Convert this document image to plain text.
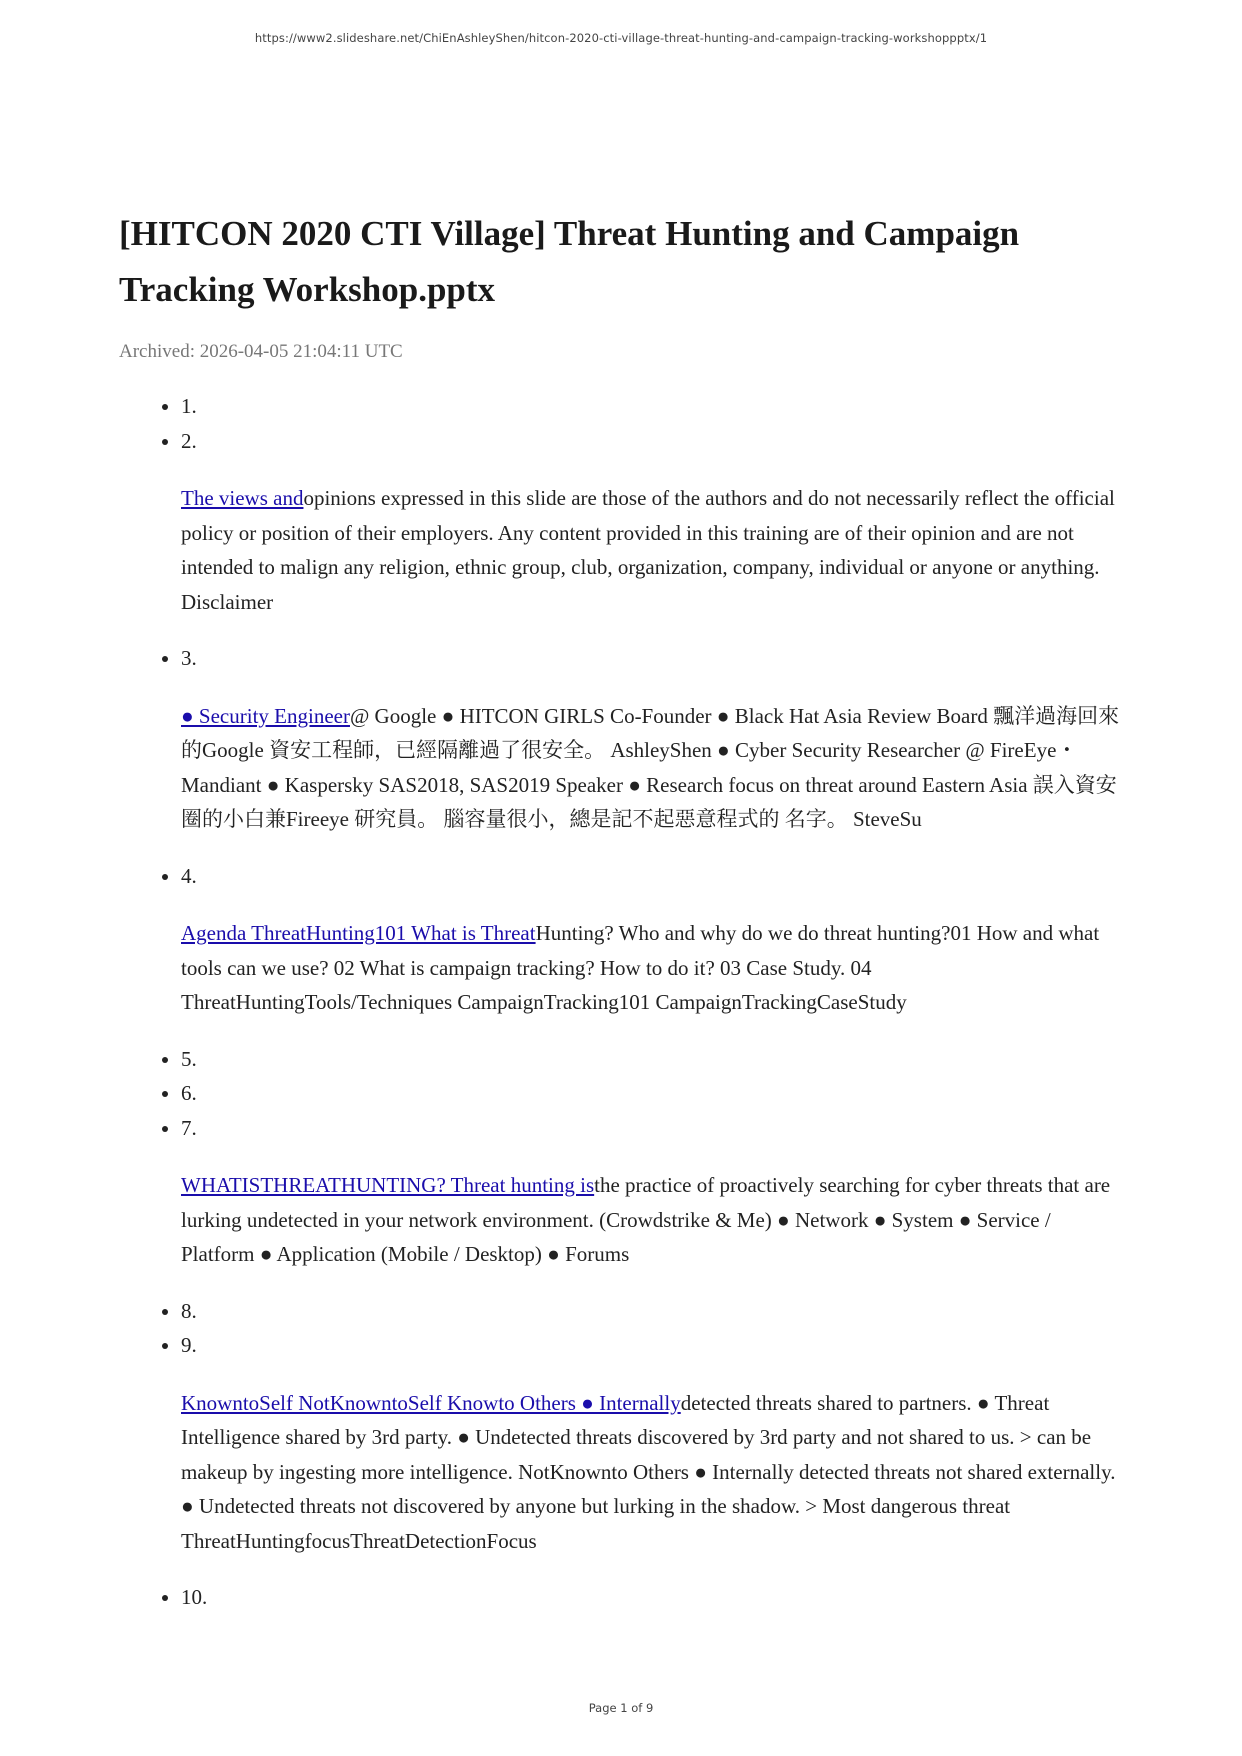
https://www2.slideshare.net/ChiEnAshleyShen/hitcon-2020-cti-village-threat-hunting-and-campaign-tracking-workshoppptx/1
[HITCON 2020 CTI Village] Threat Hunting and Campaign Tracking Workshop.pptx
Archived: 2026-04-05 21:04:11 UTC
• 1.
• 2.

The views andopinions expressed in this slide are those of the authors and do not necessarily reflect the official policy or position of their employers. Any content provided in this training are of their opinion and are not intended to malign any religion, ethnic group, club, organization, company, individual or anyone or anything. Disclaimer

• 3.

● Security Engineer@ Google ● HITCON GIRLS Co-Founder ● Black Hat Asia Review Board 飄洋過海回來的Google 資安工程師，已經隔離過了很安全。 AshleyShen ● Cyber Security Researcher @ FireEye・Mandiant ● Kaspersky SAS2018, SAS2019 Speaker ● Research focus on threat around Eastern Asia 誤入資安圈的小白兼Fireeye 研究員。 腦容量很小，總是記不起惡意程式的 名字。 SteveSu

• 4.

Agenda ThreatHunting101 What is ThreatHunting? Who and why do we do threat hunting?01 How and what tools can we use? 02 What is campaign tracking? How to do it? 03 Case Study. 04 ThreatHuntingTools/Techniques CampaignTracking101 CampaignTrackingCaseStudy

• 5.
• 6.
• 7.

WHATISTHREATHUNTING? Threat hunting isthe practice of proactively searching for cyber threats that are lurking undetected in your network environment. (Crowdstrike & Me) ● Network ● System ● Service / Platform ● Application (Mobile / Desktop) ● Forums

• 8.
• 9.

KnowntoSelf NotKnowntoSelf Knowto Others ● Internallydetected threats shared to partners. ● Threat Intelligence shared by 3rd party. ● Undetected threats discovered by 3rd party and not shared to us. > can be makeup by ingesting more intelligence. NotKnownto Others ● Internally detected threats not shared externally. ● Undetected threats not discovered by anyone but lurking in the shadow. > Most dangerous threat ThreatHuntingfocusThreatDetectionFocus

• 10.
Page 1 of 9
